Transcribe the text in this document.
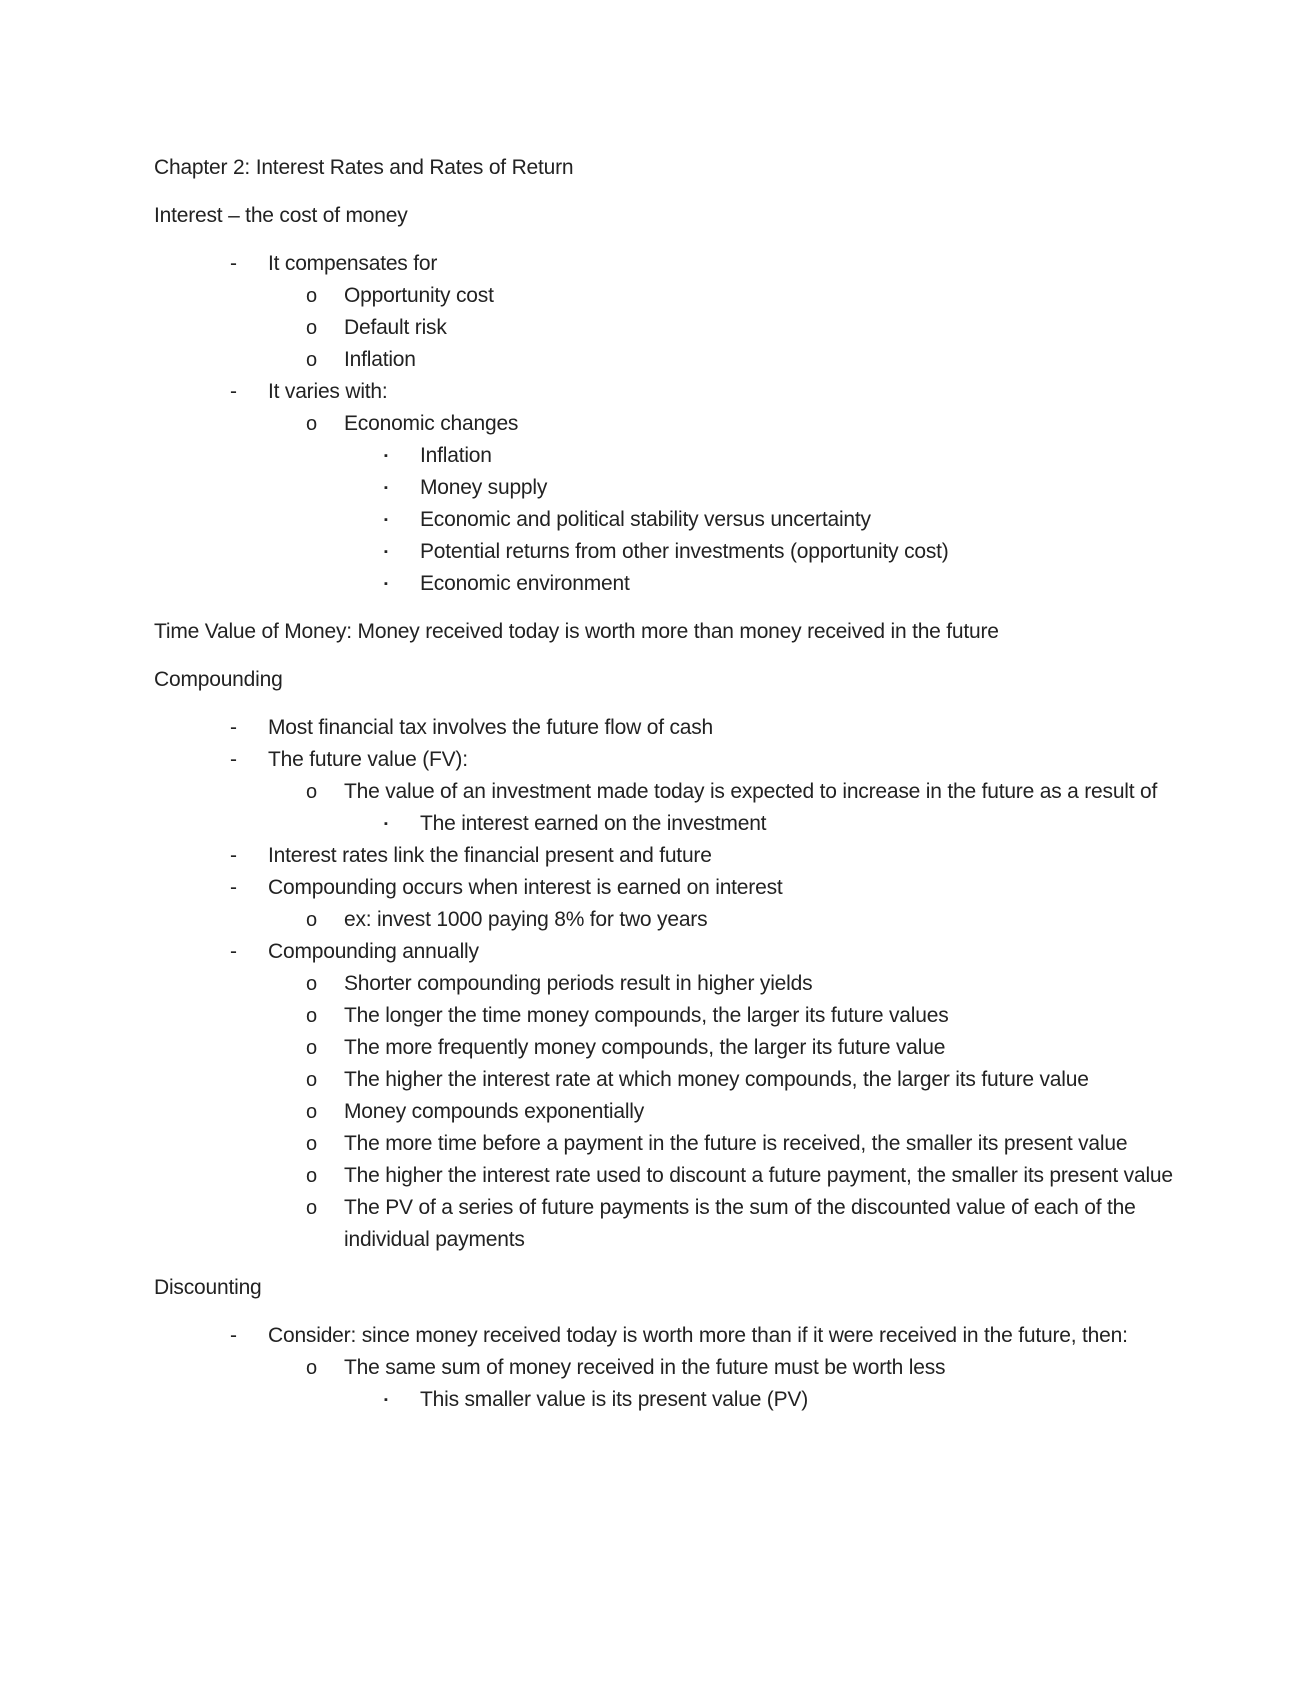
Chapter 2: Interest Rates and Rates of Return
Interest – the cost of money
- It compensates for
o Opportunity cost
o Default risk
o Inflation
- It varies with:
o Economic changes
▪ Inflation
▪ Money supply
▪ Economic and political stability versus uncertainty
▪ Potential returns from other investments (opportunity cost)
▪ Economic environment
Time Value of Money: Money received today is worth more than money received in the future
Compounding
- Most financial tax involves the future flow of cash
- The future value (FV):
o The value of an investment made today is expected to increase in the future as a result of
▪ The interest earned on the investment
- Interest rates link the financial present and future
- Compounding occurs when interest is earned on interest
o ex: invest 1000 paying 8% for two years
- Compounding annually
o Shorter compounding periods result in higher yields
o The longer the time money compounds, the larger its future values
o The more frequently money compounds, the larger its future value
o The higher the interest rate at which money compounds, the larger its future value
o Money compounds exponentially
o The more time before a payment in the future is received, the smaller its present value
o The higher the interest rate used to discount a future payment, the smaller its present value
o The PV of a series of future payments is the sum of the discounted value of each of the individual payments
Discounting
- Consider: since money received today is worth more than if it were received in the future, then:
o The same sum of money received in the future must be worth less
▪ This smaller value is its present value (PV)
